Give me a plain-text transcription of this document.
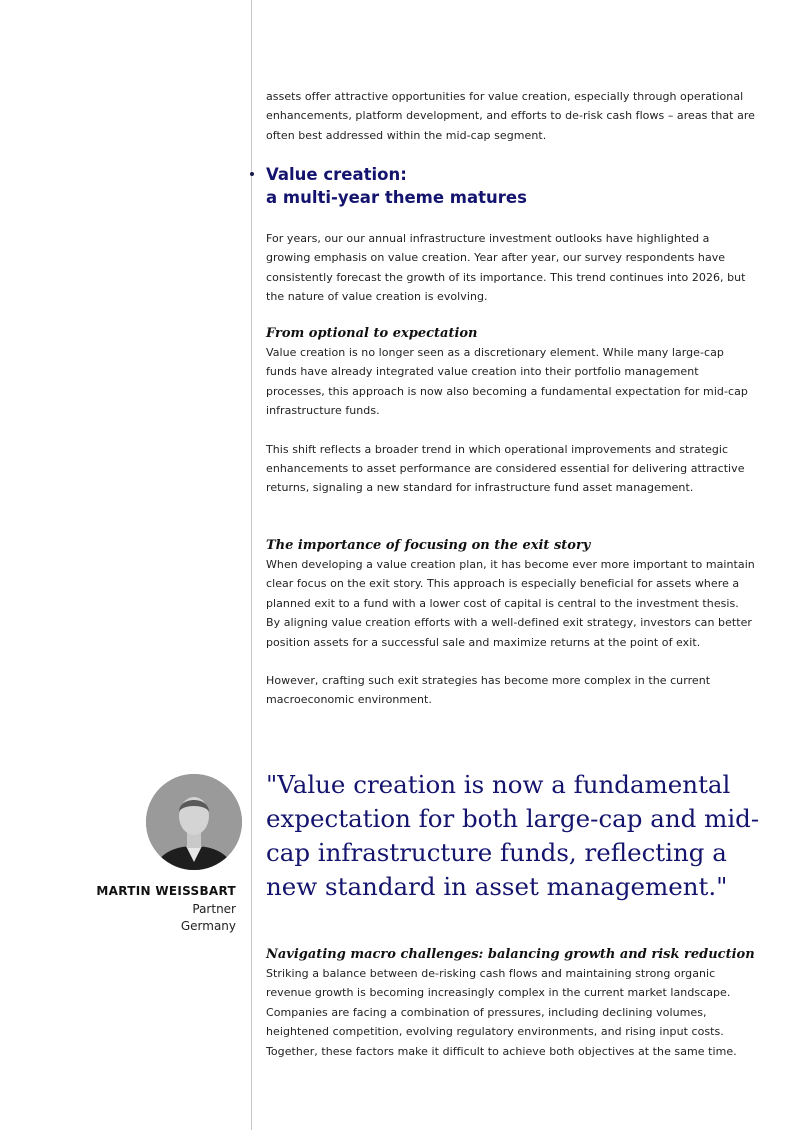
assets offer attractive opportunities for value creation, especially through operational enhancements, platform development, and efforts to de-risk cash flows – areas that are often best addressed within the mid-cap segment.

Value creation:
a multi-year theme matures

For years, our our annual infrastructure investment outlooks have highlighted a growing emphasis on value creation. Year after year, our survey respondents have consistently forecast the growth of its importance. This trend continues into 2026, but the nature of value creation is evolving.

From optional to expectation

Value creation is no longer seen as a discretionary element. While many large-cap funds have already integrated value creation into their portfolio management processes, this approach is now also becoming a fundamental expectation for mid-cap infrastructure funds.

This shift reflects a broader trend in which operational improvements and strategic enhancements to asset performance are considered essential for delivering attractive returns, signaling a new standard for infrastructure fund asset management.

The importance of focusing on the exit story

When developing a value creation plan, it has become ever more important to maintain clear focus on the exit story. This approach is especially beneficial for assets where a planned exit to a fund with a lower cost of capital is central to the investment thesis. By aligning value creation efforts with a well-defined exit strategy, investors can better position assets for a successful sale and maximize returns at the point of exit.

However, crafting such exit strategies has become more complex in the current macroeconomic environment.

MARTIN WEISSBART
Partner
Germany

"Value creation is now a fundamental expectation for both large-cap and mid-cap infrastructure funds, reflecting a new standard in asset management."

Navigating macro challenges: balancing growth and risk reduction

Striking a balance between de-risking cash flows and maintaining strong organic revenue growth is becoming increasingly complex in the current market landscape. Companies are facing a combination of pressures, including declining volumes, heightened competition, evolving regulatory environments, and rising input costs. Together, these factors make it difficult to achieve both objectives at the same time.
